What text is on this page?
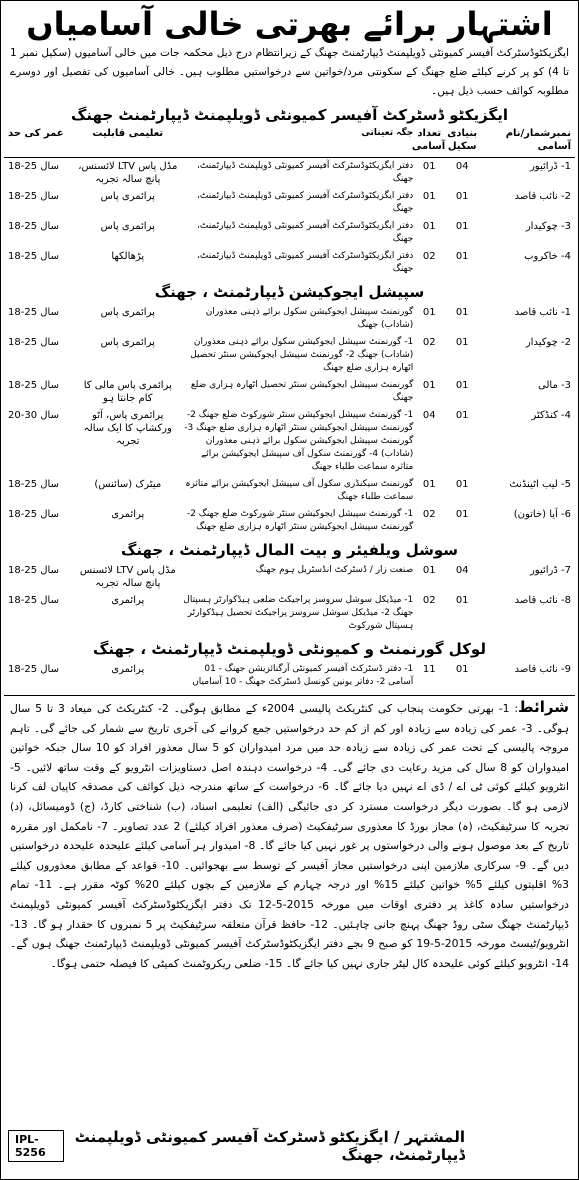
اشتہار برائے بھرتی خالی آسامیاں
ایگزیکٹوڈسٹرکٹ آفیسر کمیونٹی ڈویلپمنٹ ڈیپارٹمنٹ جھنگ کے زیرانتظام درج ذیل محکمہ جات میں خالی آسامیوں (سکیل نمبر 1 تا 4) کو پر کرنے کیلئے ضلع جھنگ کے سکونتی مرد/خواتین سے درخواستیں مطلوب ہیں۔ خالی آسامیوں کی تفصیل اور دوسرے مطلوبہ کوائف حسب ذیل ہیں۔
ایگزیکٹو ڈسٹرکٹ آفیسر کمیونٹی ڈویلپمنٹ ڈیپارٹمنٹ جھنگ
نمبرشمار/نام آسامی
بنیادی سکیل
تعداد آسامی
جگہ تعیناتی
تعلیمی قابلیت
عمر کی حد
1- ڈرائیور
04
01
دفتر ایگزیکٹوڈسٹرکٹ آفیسر کمیونٹی ڈویلپمنٹ ڈیپارٹمنٹ، جھنگ
مڈل پاس LTV لائسنس، پانچ سالہ تجربہ
18-25 سال
2- نائب قاصد
01
01
دفتر ایگزیکٹوڈسٹرکٹ آفیسر کمیونٹی ڈویلپمنٹ ڈیپارٹمنٹ، جھنگ
پرائمری پاس
18-25 سال
3- چوکیدار
01
01
دفتر ایگزیکٹوڈسٹرکٹ آفیسر کمیونٹی ڈویلپمنٹ ڈیپارٹمنٹ، جھنگ
پرائمری پاس
18-25 سال
4- خاکروب
01
02
دفتر ایگزیکٹوڈسٹرکٹ آفیسر کمیونٹی ڈویلپمنٹ ڈیپارٹمنٹ، جھنگ
پڑھالکھا
18-25 سال
سپیشل ایجوکیشن ڈیپارٹمنٹ ، جھنگ
1- نائب قاصد
01
01
گورنمنٹ سپیشل ایجوکیشن سکول برائے ذہنی معذوران (شاداب) جھنگ
پرائمری پاس
18-25 سال
2- چوکیدار
01
02
1- گورنمنٹ سپیشل ایجوکیشن سکول برائے ذہنی معذوران (شاداب) جھنگ 2- گورنمنٹ سپیشل ایجوکیشن سنٹر تحصیل اٹھارہ ہزاری ضلع جھنگ
پرائمری پاس
18-25 سال
3- مالی
01
01
گورنمنٹ سپیشل ایجوکیشن سنٹر تحصیل اٹھارہ ہزاری ضلع جھنگ
پرائمری پاس مالی کا کام جانتا ہو
18-25 سال
4- کنڈکٹر
01
04
1- گورنمنٹ سپیشل ایجوکیشن سنٹر شورکوٹ ضلع جھنگ 2- گورنمنٹ سپیشل ایجوکیشن سنٹر اٹھارہ ہزاری ضلع جھنگ 3- گورنمنٹ سپیشل ایجوکیشن سکول برائے ذہنی معذوران (شاداب) 4- گورنمنٹ سکول آف سپیشل ایجوکیشن برائے متاثرہ سماعت طلباء جھنگ
پرائمری پاس، آٹو ورکشاپ کا ایک سالہ تجربہ
20-30 سال
5- لیب اٹینڈنٹ
01
01
گورنمنٹ سیکنڈری سکول آف سپیشل ایجوکیشن برائے متاثرہ سماعت طلباء جھنگ
میٹرک (سائنس)
18-25 سال
6- آیا (خاتون)
01
02
1- گورنمنٹ سپیشل ایجوکیشن سنٹر شورکوٹ ضلع جھنگ 2- گورنمنٹ سپیشل ایجوکیشن سنٹر اٹھارہ ہزاری ضلع جھنگ
پرائمری
18-25 سال
سوشل ویلفیئر و بیت المال ڈیپارٹمنٹ ، جھنگ
7- ڈرائیور
04
01
صنعت زار / ڈسٹرکٹ انڈسٹریل ہوم جھنگ
مڈل پاس LTV لائسنس پانچ سالہ تجربہ
18-25 سال
8- نائب قاصد
01
02
1- میڈیکل سوشل سروسز پراجیکٹ ضلعی ہیڈکوارٹر ہسپتال جھنگ 2- میڈیکل سوشل سروسز پراجیکٹ تحصیل ہیڈکوارٹر ہسپتال شورکوٹ
پرائمری
18-25 سال
لوکل گورنمنٹ و کمیونٹی ڈویلپمنٹ ڈیپارٹمنٹ ، جھنگ
9- نائب قاصد
01
11
1- دفتر ڈسٹرکٹ آفیسر کمیونٹی آرگنائزیشن جھنگ - 01 آسامی 2- دفاتر یونین کونسل ڈسٹرکٹ جھنگ - 10 آسامیاں
پرائمری
18-25 سال
شرائط: 1- بھرتی حکومت پنجاب کی کنٹریکٹ پالیسی 2004ء کے مطابق ہوگی۔ 2- کنٹریکٹ کی میعاد 3 تا 5 سال ہوگی۔ 3- عمر کی زیادہ سے زیادہ اور کم از کم حد درخواستیں جمع کروانے کی آخری تاریخ سے شمار کی جائے گی۔ تاہم مروجہ پالیسی کے تحت عمر کی زیادہ سے زیادہ حد میں مرد امیدواران کو 5 سال معذور افراد کو 10 سال جبکہ خواتین امیدواران کو 8 سال کی مزید رعایت دی جائے گی۔ 4- درخواست دہندہ اصل دستاویزات انٹرویو کے وقت ساتھ لائیں۔ 5- انٹرویو کیلئے کوئی ٹی اے / ڈی اے نہیں دیا جائے گا۔ 6- درخواست کے ساتھ مندرجہ ذیل کوائف کی مصدقہ کاپیاں لف کرنا لازمی ہو گا۔ بصورت دیگر درخواست مسترد کر دی جائیگی (الف) تعلیمی اسناد، (ب) شناختی کارڈ، (ج) ڈومیسائل، (د) تجربہ کا سرٹیفکیٹ، (ہ) مجاز بورڈ کا معذوری سرٹیفکیٹ (صرف معذور افراد کیلئے) 2 عدد تصاویر۔ 7- نامکمل اور مقررہ تاریخ کے بعد موصول ہونے والی درخواستوں پر غور نہیں کیا جائے گا۔ 8- امیدوار ہر آسامی کیلئے علیحدہ علیحدہ درخواستیں دیں گے۔ 9- سرکاری ملازمین اپنی درخواستیں مجاز آفیسر کے توسط سے بھجوائیں۔ 10- قواعد کے مطابق معذوروں کیلئے 3% اقلیتوں کیلئے 5% خواتین کیلئے 15% اور درجہ چہارم کے ملازمین کے بچوں کیلئے 20% کوٹہ مقرر ہے۔ 11- تمام درخواستیں سادہ کاغذ پر دفتری اوقات میں مورخہ 2015-5-12 تک دفتر ایگزیکٹوڈسٹرکٹ آفیسر کمیونٹی ڈویلپمنٹ ڈیپارٹمنٹ جھنگ سٹی روڈ جھنگ پہنچ جانی چاہئیں۔ 12- حافظ قرآن متعلقہ سرٹیفکیٹ پر 5 نمبروں کا حقدار ہو گا۔ 13- انٹرویو/ٹیسٹ مورخہ 2015-5-19 کو صبح 9 بجے دفتر ایگزیکٹوڈسٹرکٹ آفیسر کمیونٹی ڈویلپمنٹ ڈیپارٹمنٹ جھنگ ہوں گے۔ 14- انٹرویو کیلئے کوئی علیحدہ کال لیٹر جاری نہیں کیا جائے گا۔ 15- ضلعی ریکروٹمنٹ کمیٹی کا فیصلہ حتمی ہوگا۔
المشتہر / ایگزیکٹو ڈسٹرکٹ آفیسر کمیونٹی ڈویلپمنٹ ڈیپارٹمنٹ، جھنگ
IPL-5256
